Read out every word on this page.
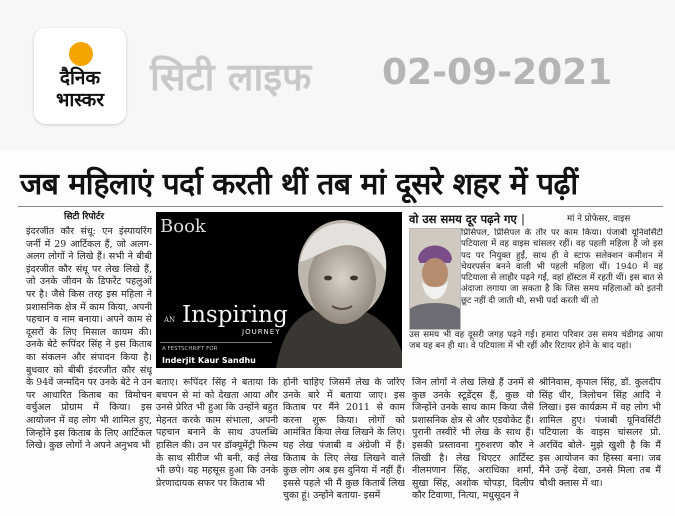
दैनिक
भास्कर
सिटी लाइफ 02-09-2021
जब महिलाएं पर्दा करती थीं तब मां दूसरे शहर में पढ़ीं
सिटी रिपोर्टर

इंदरजीत कौर संधू: एन इंस्पायरिंग जर्नी में 29 आर्टिकल हैं, जो अलग-अलग लोगों ने लिखे हैं। सभी ने बीबी इंदरजीत कौर संधू पर लेख लिखे हैं, जो उनके जीवन के डिफरेंट पहलुओं पर है। जैसे किस तरह इस महिला ने प्रशासनिक क्षेत्र में काम किया, अपनी पहचान व नाम बनाया। अपने काम से दूसरों के लिए मिसाल कायम की। उनके बेटे रूपिंदर सिंह ने इस किताब का संकलन और संपादन किया है। बुधवार को बीबी इंदरजीत कौर संधू के 94वें जन्मदिन पर उनके बेटे ने उन पर आधारित किताब का विमोचन वर्चुअल प्रोग्राम में किया। इस आयोजन में वह लोग भी शामिल हुए, जिन्होंने इस किताब के लिए आर्टिकल लिखे। कुछ लोगों ने अपने अनुभव भी

Book
AN Inspiring
JOURNEY
A FESTSCHRIFT FOR
Inderjit Kaur Sandhu
वो उस समय दूर पढ़ने गए |	मां ने प्रोफेसर, वाइस
प्रिंसिपल, प्रिंसिपल के तौर पर काम किया। पंजाबी यूनिवर्सिटी पटियाला में वह वाइस चांसलर रहीं। वह पहली महिला हैं जो इस पद पर नियुक्त हुईं, साथ ही वे स्टाफ सलेक्शन कमीशन में चेयरपर्सन बनने वाली भी पहली महिला थीं। 1940 में वह पटियाला से लाहौर पढ़ने गईं, वहां हॉस्टल में रहती थीं। इस बात से अंदाजा लगाया जा सकता है कि जिस समय महिलाओं को इतनी छूट नहीं दी जाती थी, सभी पर्दा करती थीं तो
उस समय भी वह दूसरी जगह पढ़ने गईं। हमारा परिवार उस समय चंडीगढ़ आया जब यह बन ही था। वे पटियाला में भी रहीं और रिटायर होने के बाद यहां।

बताए। रूपिंदर सिंह ने बताया कि बचपन से मां को देखता आया और उनसे प्रेरित भी हुआ कि उन्होंने बहुत मेहनत करके काम संभाला, अपनी पहचान बनाने के साथ उपलब्धि हासिल की। उन पर डॉक्यूमेंट्री फिल्म के साथ सीरीज भी बनी, कई लेख भी छपे। यह महसूस हुआ कि उनके प्रेरणादायक सफर पर किताब भी

होनी चाहिए जिसमें लेख के जरिए उनके बारे में बताया जाए। इस किताब पर मैंने 2011 से काम करना शुरू किया। लोगों को आमंत्रित किया लेख लिखने के लिए। यह लेख पंजाबी व अंग्रेजी में हैं। किताब के लिए लेख लिखने वाले कुछ लोग अब इस दुनिया में नहीं हैं। इससे पहले भी मैं कुछ किताबें लिख चुका हूं। उन्होंने बताया- इसमें

जिन लोगों ने लेख लिखे हैं उनमें से कुछ उनके स्टूडेंट्स हैं, कुछ वो जिन्होंने उनके साथ काम किया जैसे प्रशासनिक क्षेत्र से और एडवोकेट हैं। पुरानी तस्वीरें भी लेख के साथ हैं। इसकी प्रस्तावना गुरुशरण कौर ने लिखी है। लेख थिएटर आर्टिस्ट नीलमणान सिंह, अराधिका शर्मा, सुखा सिंह, अशोक चोपड़ा, दिलीप कौर टिवाणा, नित्या, मधुसूदन ने

श्रीनिवास, कृपाल सिंह, डॉ. कुलदीप सिंह धीर, त्रिलोचन सिंह आदि ने लिखा। इस कार्यक्रम में वह लोग भी शामिल हुए। पंजाबी यूनिवर्सिटी पटियाला के वाइस चांसलर प्रो. अरविंद बोले- मुझे खुशी है कि मैं इस आयोजन का हिस्सा बना। जब मैंने उन्हें देखा, उनसे मिला तब मैं चौथी क्लास में था।
